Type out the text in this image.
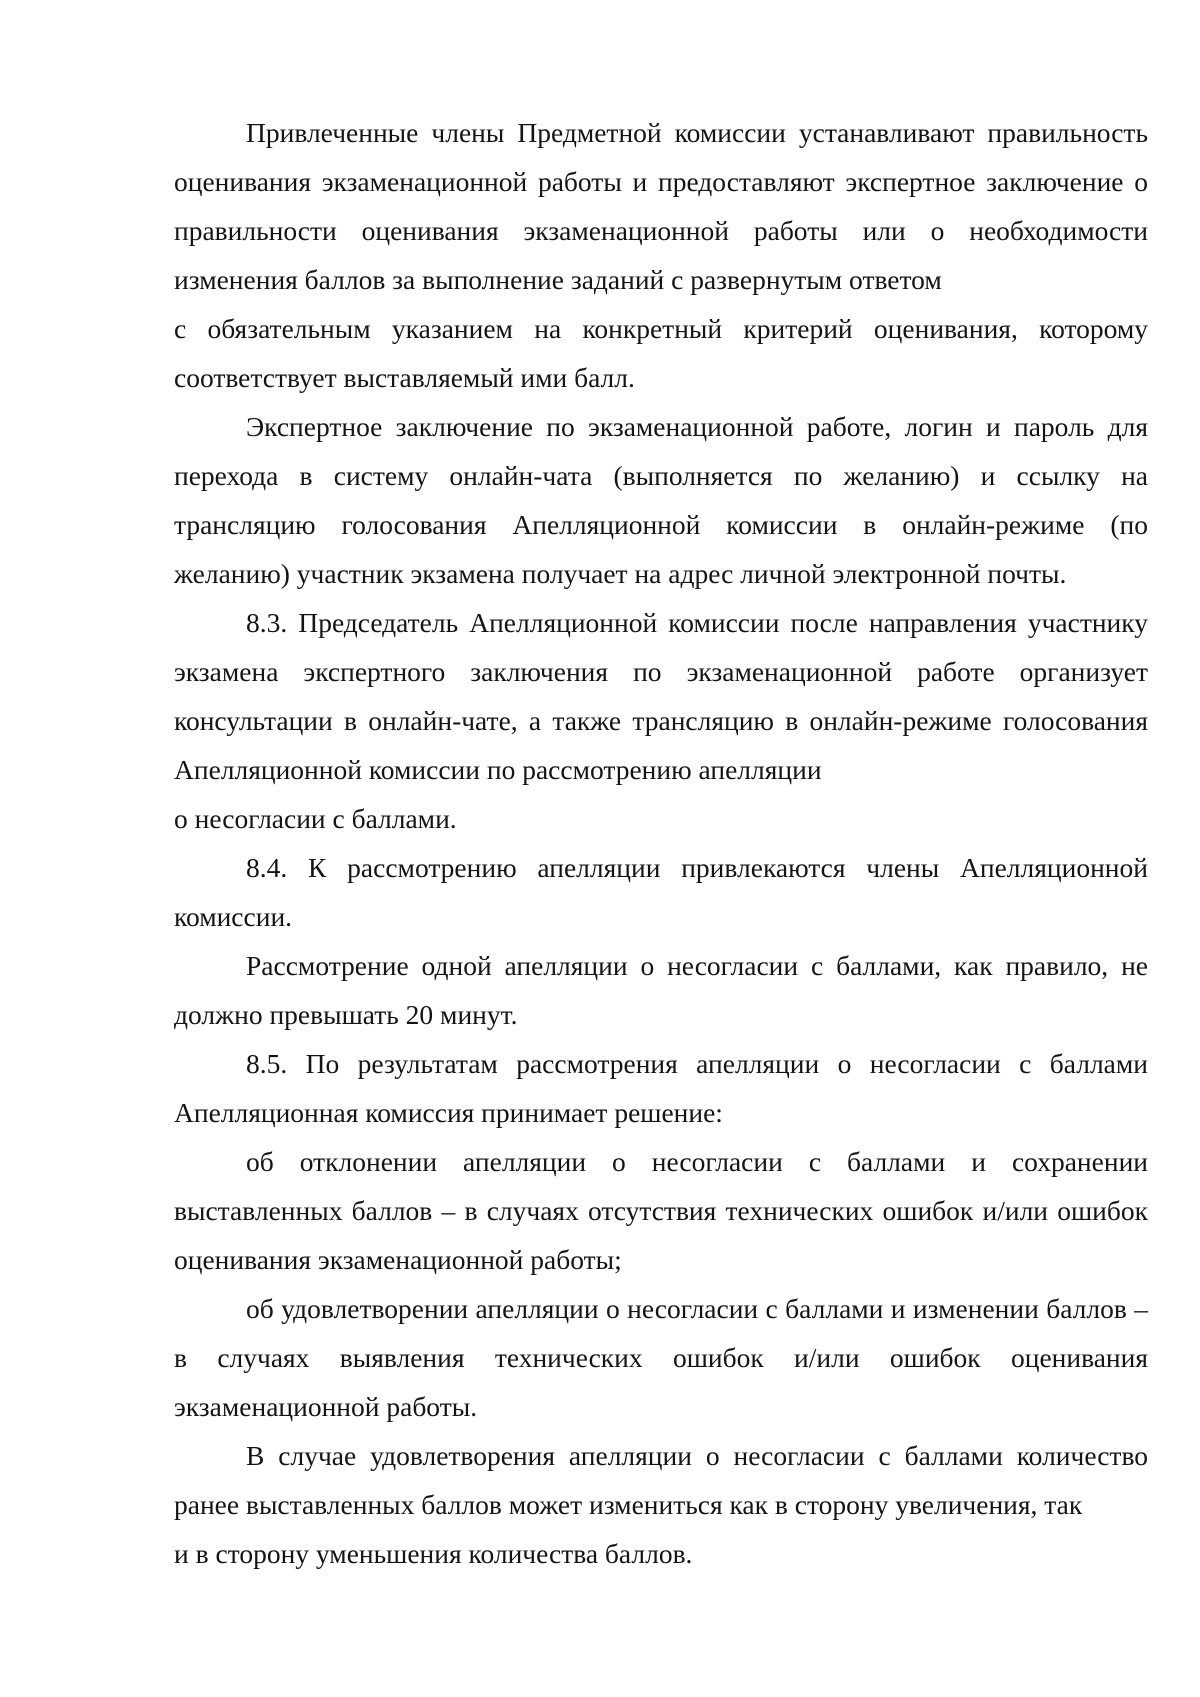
Привлеченные члены Предметной комиссии устанавливают правильность оценивания экзаменационной работы и предоставляют экспертное заключение о правильности оценивания экзаменационной работы или о необходимости изменения баллов за выполнение заданий с развернутым ответом

с обязательным указанием на конкретный критерий оценивания, которому соответствует выставляемый ими балл.

Экспертное заключение по экзаменационной работе, логин и пароль для перехода в систему онлайн-чата (выполняется по желанию) и ссылку на трансляцию голосования Апелляционной комиссии в онлайн-режиме (по желанию) участник экзамена получает на адрес личной электронной почты.

8.3. Председатель Апелляционной комиссии после направления участнику экзамена экспертного заключения по экзаменационной работе организует консультации в онлайн-чате, а также трансляцию в онлайн-режиме голосования Апелляционной комиссии по рассмотрению апелляции

о несогласии с баллами.

8.4. К рассмотрению апелляции привлекаются члены Апелляционной комиссии.

Рассмотрение одной апелляции о несогласии с баллами, как правило, не должно превышать 20 минут.

8.5. По результатам рассмотрения апелляции о несогласии с баллами Апелляционная комиссия принимает решение:

об отклонении апелляции о несогласии с баллами и сохранении выставленных баллов – в случаях отсутствия технических ошибок и/или ошибок оценивания экзаменационной работы;

об удовлетворении апелляции о несогласии с баллами и изменении баллов – в случаях выявления технических ошибок и/или ошибок оценивания экзаменационной работы.

В случае удовлетворения апелляции о несогласии с баллами количество ранее выставленных баллов может измениться как в сторону увеличения, так

и в сторону уменьшения количества баллов.
